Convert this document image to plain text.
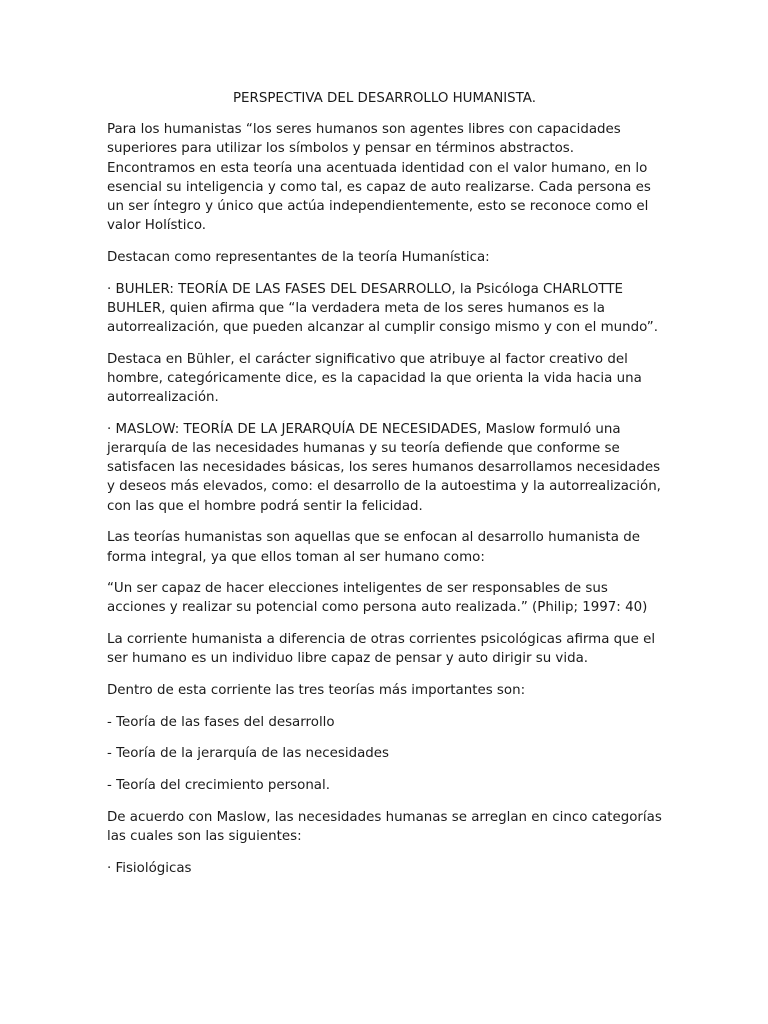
PERSPECTIVA DEL DESARROLLO HUMANISTA.

Para los humanistas “los seres humanos son agentes libres con capacidades superiores para utilizar los símbolos y pensar en términos abstractos. Encontramos en esta teoría una acentuada identidad con el valor humano, en lo esencial su inteligencia y como tal, es capaz de auto realizarse. Cada persona es un ser íntegro y único que actúa independientemente, esto se reconoce como el valor Holístico.

Destacan como representantes de la teoría Humanística:

· BUHLER: TEORÍA DE LAS FASES DEL DESARROLLO, la Psicóloga CHARLOTTE BUHLER, quien afirma que “la verdadera meta de los seres humanos es la autorrealización, que pueden alcanzar al cumplir consigo mismo y con el mundo”.

Destaca en Bühler, el carácter significativo que atribuye al factor creativo del hombre, categóricamente dice, es la capacidad la que orienta la vida hacia una autorrealización.

· MASLOW: TEORÍA DE LA JERARQUÍA DE NECESIDADES, Maslow formuló una jerarquía de las necesidades humanas y su teoría defiende que conforme se satisfacen las necesidades básicas, los seres humanos desarrollamos necesidades y deseos más elevados, como: el desarrollo de la autoestima y la autorrealización, con las que el hombre podrá sentir la felicidad.

Las teorías humanistas son aquellas que se enfocan al desarrollo humanista de forma integral, ya que ellos toman al ser humano como:

“Un ser capaz de hacer elecciones inteligentes de ser responsables de sus acciones y realizar su potencial como persona auto realizada.” (Philip; 1997: 40)

La corriente humanista a diferencia de otras corrientes psicológicas afirma que el ser humano es un individuo libre capaz de pensar y auto dirigir su vida.

Dentro de esta corriente las tres teorías más importantes son:

- Teoría de las fases del desarrollo

- Teoría de la jerarquía de las necesidades

- Teoría del crecimiento personal.

De acuerdo con Maslow, las necesidades humanas se arreglan en cinco categorías las cuales son las siguientes:

· Fisiológicas
